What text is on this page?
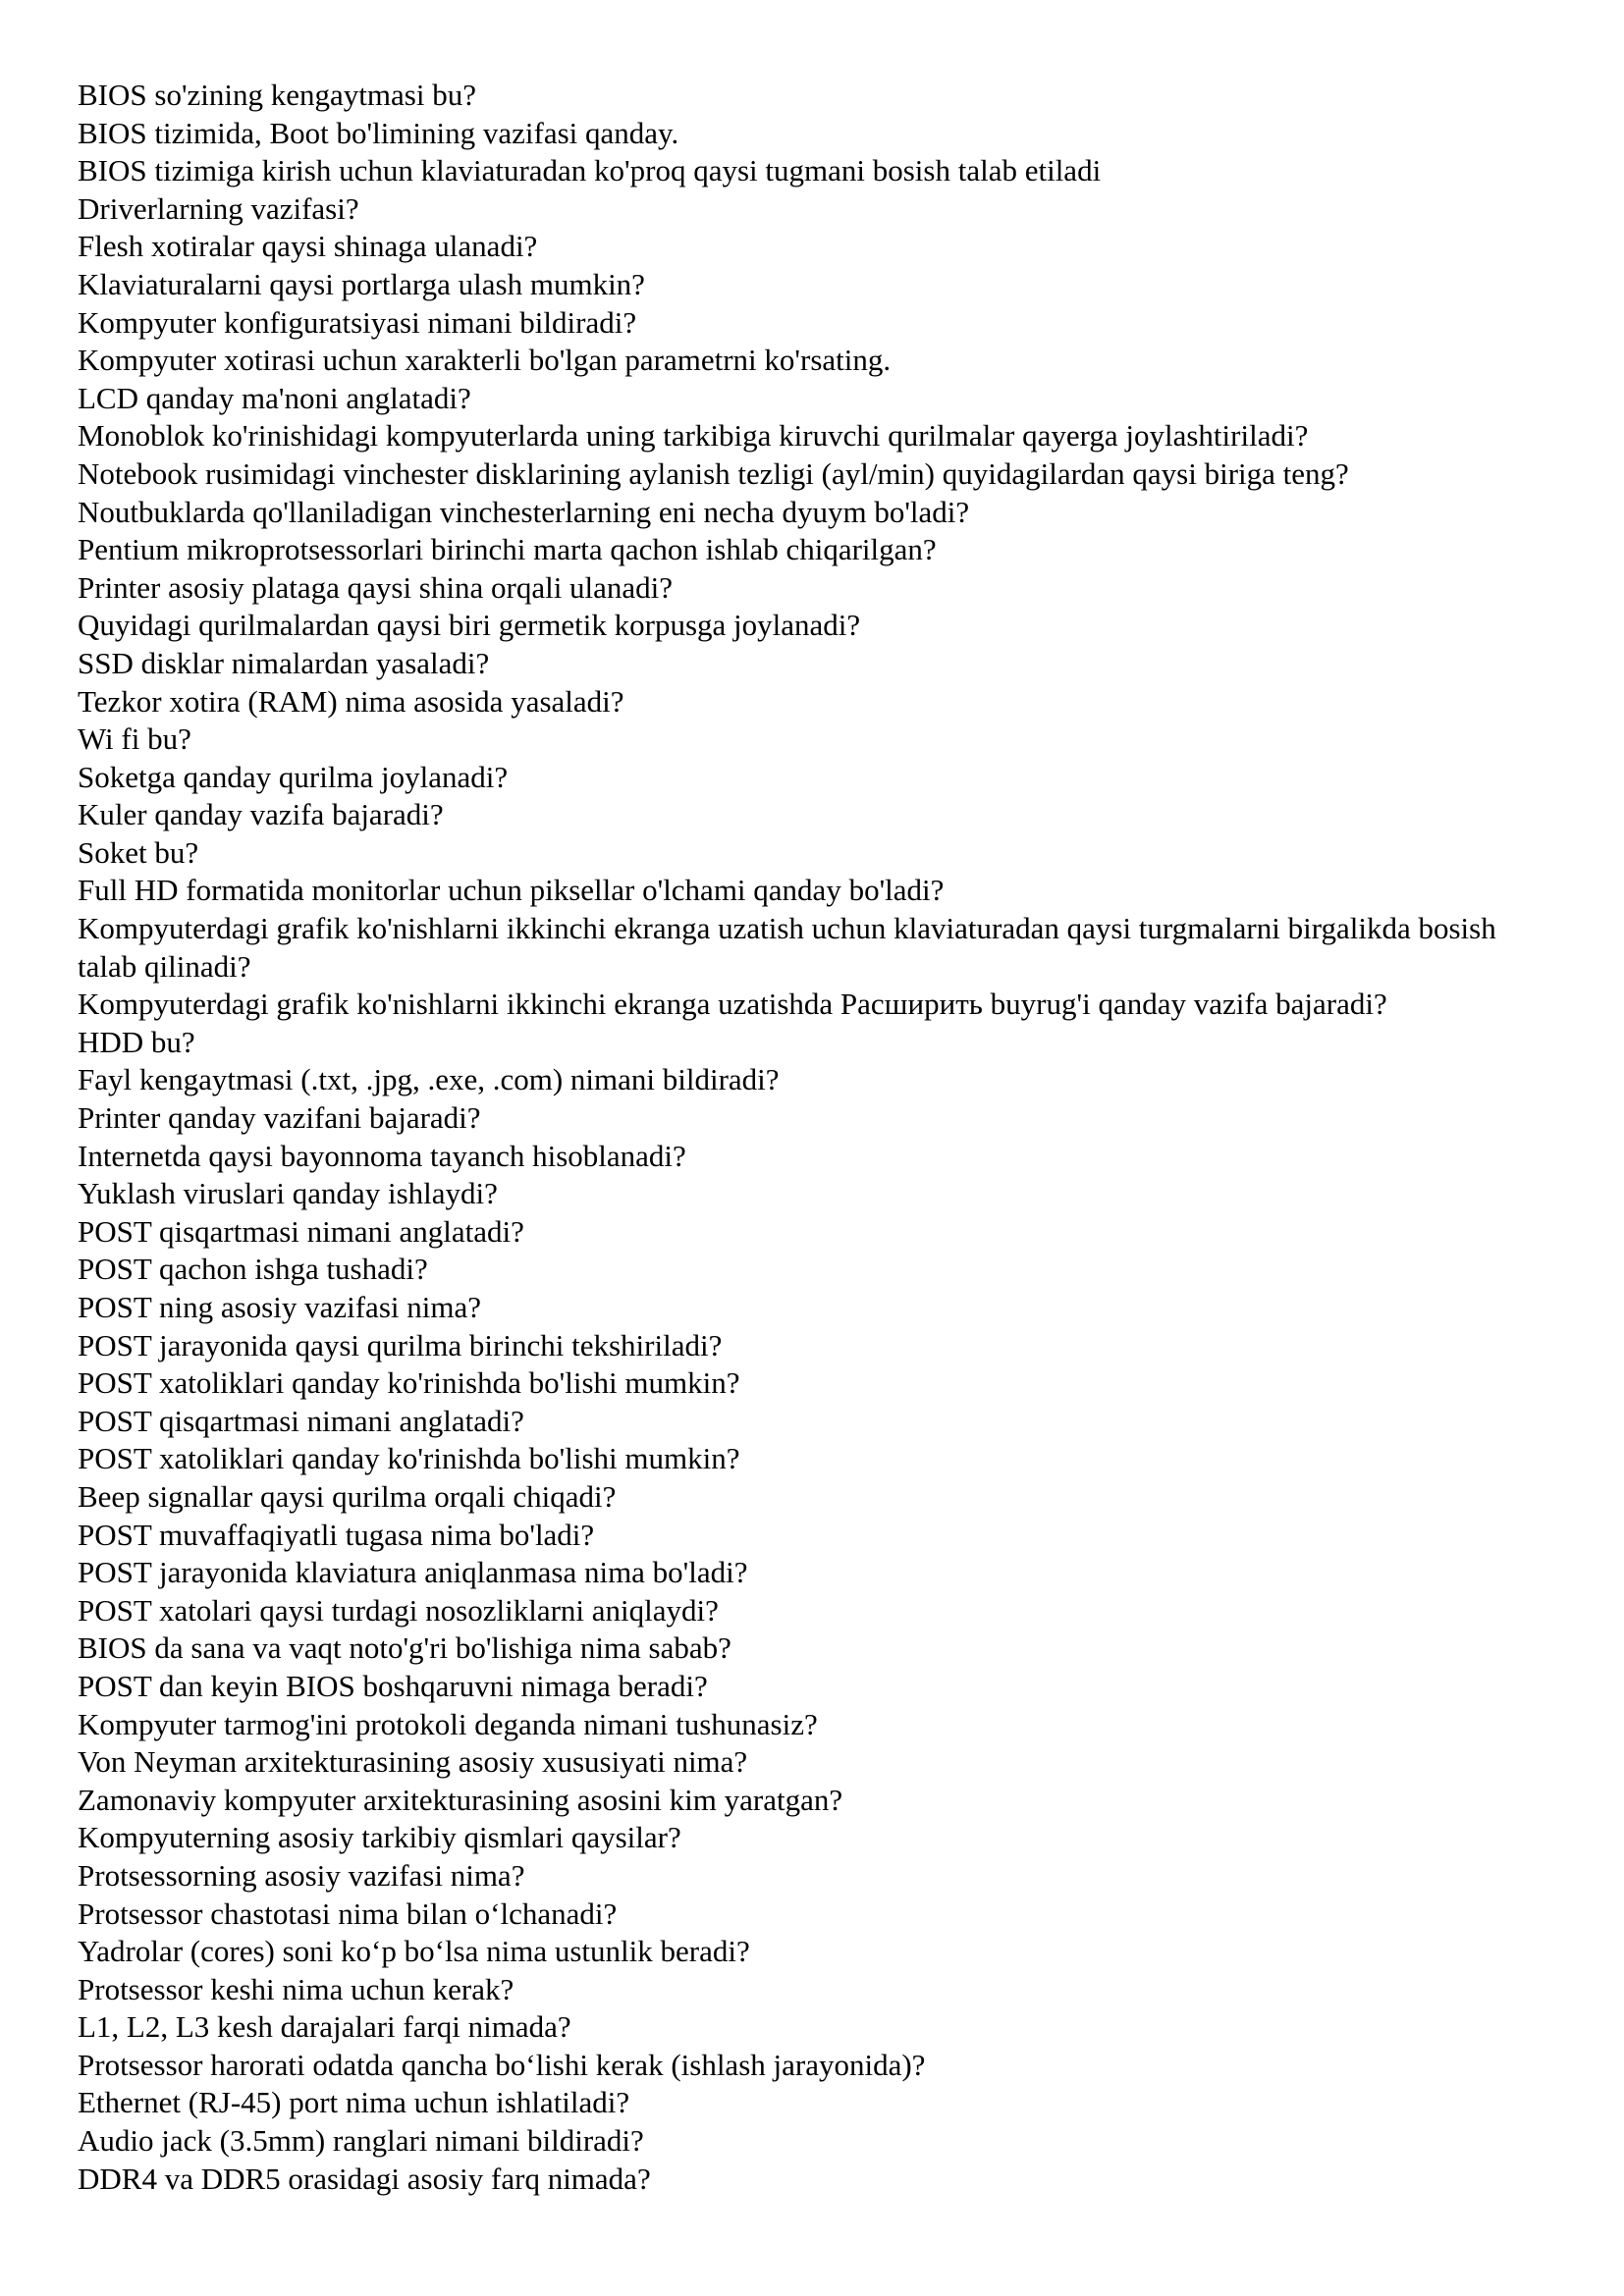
BIOS so'zining kengaytmasi bu?
BIOS tizimida, Boot bo'limining vazifasi qanday.
BIOS tizimiga kirish uchun klaviaturadan ko'proq qaysi tugmani bosish talab etiladi
Driverlarning vazifasi?
Flesh xotiralar qaysi shinaga ulanadi?
Klaviaturalarni qaysi portlarga ulash mumkin?
Kompyuter konfiguratsiyasi nimani bildiradi?
Kompyuter xotirasi uchun xarakterli bo'lgan parametrni ko'rsating.
LCD qanday ma'noni anglatadi?
Monoblok ko'rinishidagi kompyuterlarda uning tarkibiga kiruvchi qurilmalar qayerga joylashtiriladi?
Notebook rusimidagi vinchester disklarining aylanish tezligi (ayl/min) quyidagilardan qaysi biriga teng?
Noutbuklarda qo'llaniladigan vinchesterlarning eni necha dyuym bo'ladi?
Pentium mikroprotsessorlari birinchi marta qachon ishlab chiqarilgan?
Printer asosiy plataga qaysi shina orqali ulanadi?
Quyidagi qurilmalardan qaysi biri germetik korpusga joylanadi?
SSD disklar nimalardan yasaladi?
Tezkor xotira (RAM) nima asosida yasaladi?
Wi fi bu?
Soketga qanday qurilma joylanadi?
Kuler qanday vazifa bajaradi?
Soket bu?
Full HD formatida monitorlar uchun piksellar o'lchami qanday bo'ladi?
Kompyuterdagi grafik ko'nishlarni ikkinchi ekranga uzatish uchun klaviaturadan qaysi turgmalarni birgalikda bosish talab qilinadi?
Kompyuterdagi grafik ko'nishlarni ikkinchi ekranga uzatishda Расширить buyrug'i qanday vazifa bajaradi?
HDD bu?
Fayl kengaytmasi (.txt, .jpg, .exe, .com) nimani bildiradi?
Printer qanday vazifani bajaradi?
Internetda qaysi bayonnoma tayanch hisoblanadi?
Yuklash viruslari qanday ishlaydi?
POST qisqartmasi nimani anglatadi?
POST qachon ishga tushadi?
POST ning asosiy vazifasi nima?
POST jarayonida qaysi qurilma birinchi tekshiriladi?
POST xatoliklari qanday ko'rinishda bo'lishi mumkin?
POST qisqartmasi nimani anglatadi?
POST xatoliklari qanday ko'rinishda bo'lishi mumkin?
Beep signallar qaysi qurilma orqali chiqadi?
POST muvaffaqiyatli tugasa nima bo'ladi?
POST jarayonida klaviatura aniqlanmasa nima bo'ladi?
POST xatolari qaysi turdagi nosozliklarni aniqlaydi?
BIOS da sana va vaqt noto'g'ri bo'lishiga nima sabab?
POST dan keyin BIOS boshqaruvni nimaga beradi?
Kompyuter tarmog'ini protokoli deganda nimani tushunasiz?
Von Neyman arxitekturasining asosiy xususiyati nima?
Zamonaviy kompyuter arxitekturasining asosini kim yaratgan?
Kompyuterning asosiy tarkibiy qismlari qaysilar?
Protsessorning asosiy vazifasi nima?
Protsessor chastotasi nima bilan o‘lchanadi?
Yadrolar (cores) soni ko‘p bo‘lsa nima ustunlik beradi?
Protsessor keshi nima uchun kerak?
L1, L2, L3 kesh darajalari farqi nimada?
Protsessor harorati odatda qancha bo‘lishi kerak (ishlash jarayonida)?
Ethernet (RJ-45) port nima uchun ishlatiladi?
Audio jack (3.5mm) ranglari nimani bildiradi?
DDR4 va DDR5 orasidagi asosiy farq nimada?
